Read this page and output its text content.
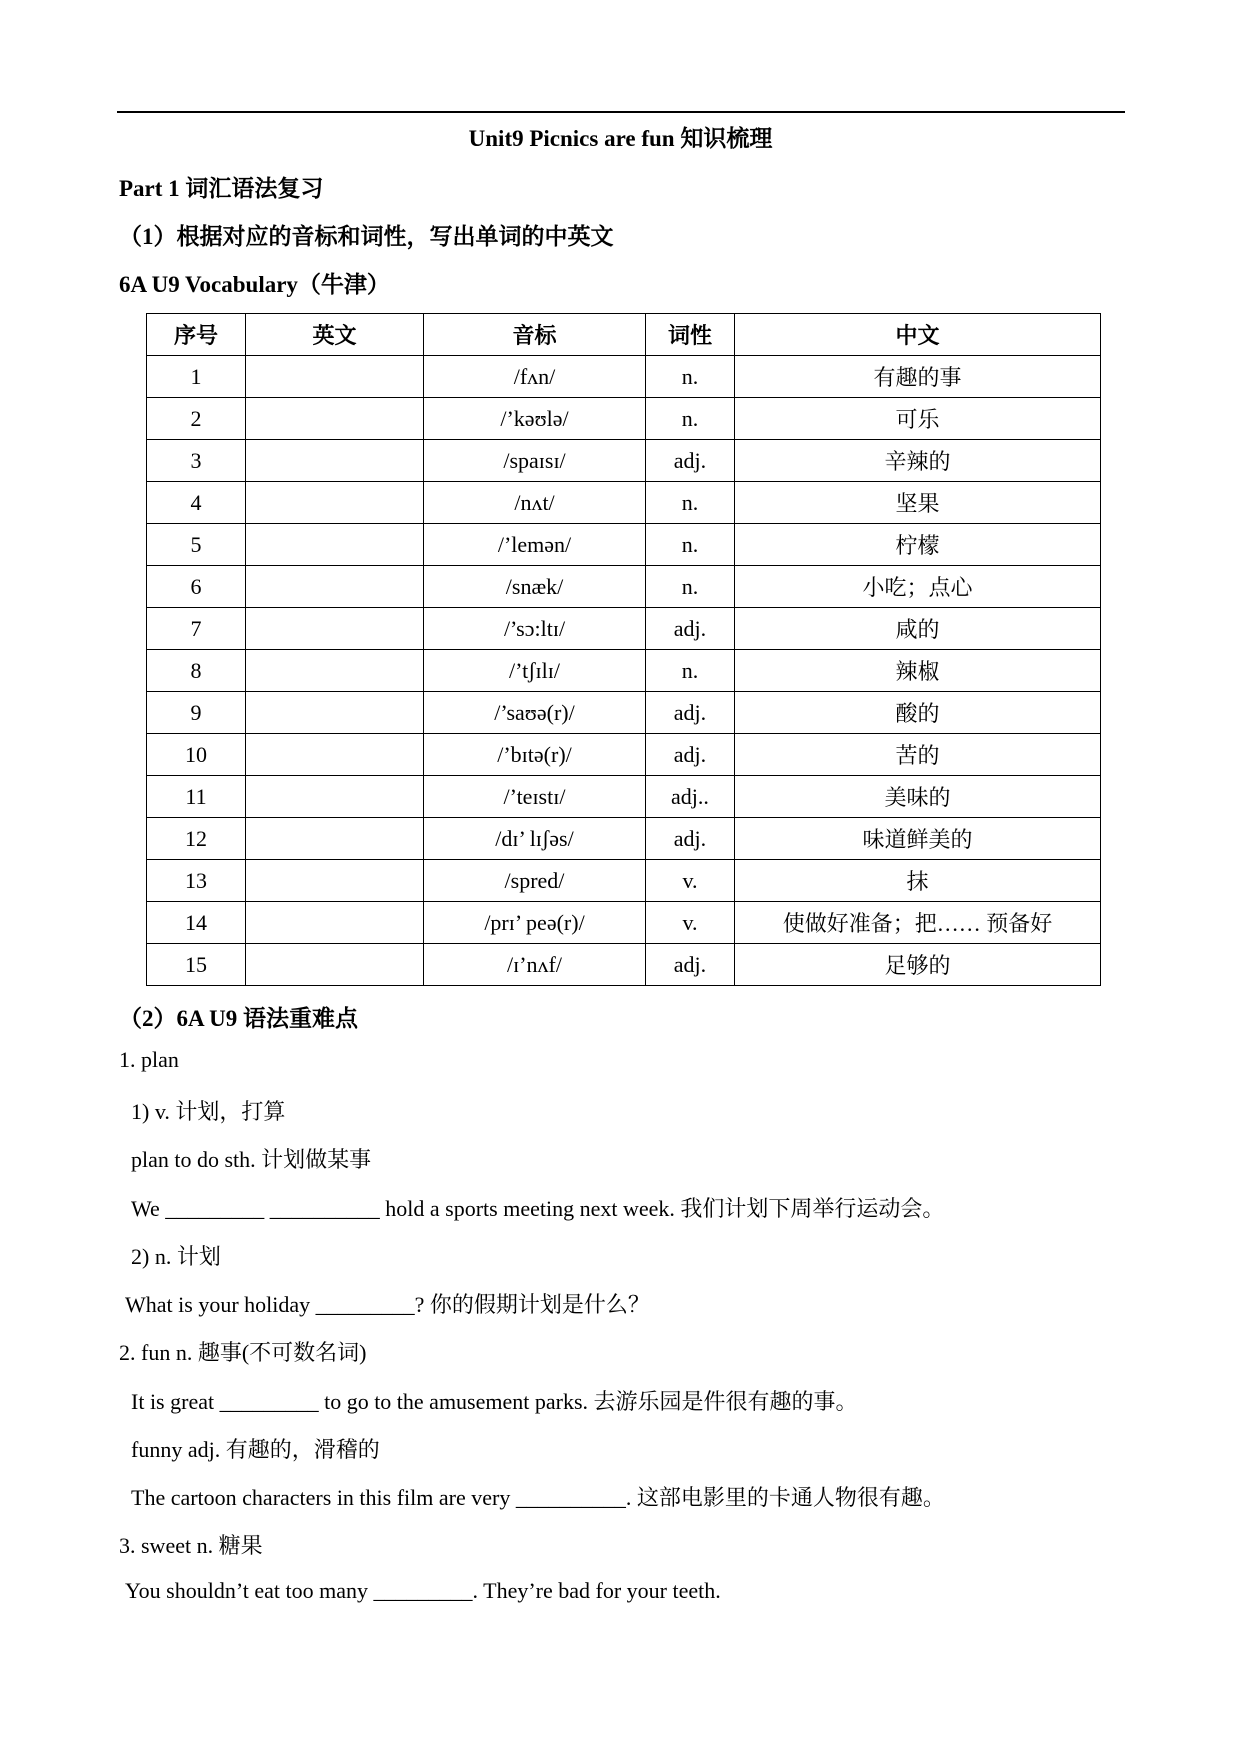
Unit9 Picnics are fun 知识梳理
Part 1 词汇语法复习
（1）根据对应的音标和词性，写出单词的中英文
6A U9 Vocabulary（牛津）
序号	英文	音标	词性	中文
1		/fʌn/	n.	有趣的事
2		/’kəʊlə/	n.	可乐
3		/spaɪsɪ/	adj.	辛辣的
4		/nʌt/	n.	坚果
5		/’lemən/	n.	柠檬
6		/snæk/	n.	小吃；点心
7		/’sɔ:ltɪ/	adj.	咸的
8		/’tʃɪlɪ/	n.	辣椒
9		/’saʊə(r)/	adj.	酸的
10		/’bɪtə(r)/	adj.	苦的
11		/’teɪstɪ/	adj..	美味的
12		/dɪ’ lɪʃəs/	adj.	味道鲜美的
13		/spred/	v.	抹
14		/prɪ’ peə(r)/	v.	使做好准备；把…… 预备好
15		/ɪ’nʌf/	adj.	足够的
（2）6A U9 语法重难点
1. plan
1) v. 计划，打算
plan to do sth. 计划做某事
We _________ __________ hold a sports meeting next week. 我们计划下周举行运动会。
2) n. 计划
What is your holiday _________? 你的假期计划是什么？
2. fun n. 趣事(不可数名词)
It is great _________ to go to the amusement parks. 去游乐园是件很有趣的事。
funny adj. 有趣的，滑稽的
The cartoon characters in this film are very __________. 这部电影里的卡通人物很有趣。
3. sweet n. 糖果
You shouldn’t eat too many _________. They’re bad for your teeth.
